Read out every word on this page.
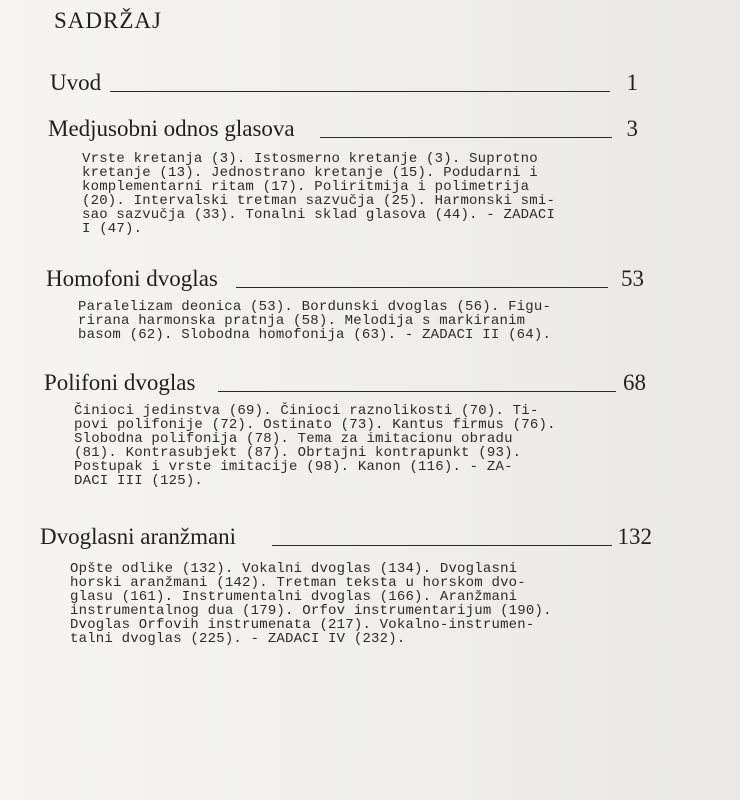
SADRŽAJ
Uvod	1
Medjusobni odnos glasova	3
Vrste kretanja (3). Istosmerno kretanje (3). Suprotno
kretanje (13). Jednostrano kretanje (15). Podudarni i
komplementarni ritam (17). Poliritmija i polimetrija
(20). Intervalski tretman sazvučja (25). Harmonski smi-
sao sazvučja (33). Tonalni sklad glasova (44). - ZADACI
I (47).
Homofoni dvoglas	53
Paralelizam deonica (53). Bordunski dvoglas (56). Figu-
rirana harmonska pratnja (58). Melodija s markiranim
basom (62). Slobodna homofonija (63). - ZADACI II (64).
Polifoni dvoglas	68
Činioci jedinstva (69). Činioci raznolikosti (70). Ti-
povi polifonije (72). Ostinato (73). Kantus firmus (76).
Slobodna polifonija (78). Tema za imitacionu obradu
(81). Kontrasubjekt (87). Obrtajni kontrapunkt (93).
Postupak i vrste imitacije (98). Kanon (116). - ZA-
DACI III (125).
Dvoglasni aranžmani	132
Opšte odlike (132). Vokalni dvoglas (134). Dvoglasni
horski aranžmani (142). Tretman teksta u horskom dvo-
glasu (161). Instrumentalni dvoglas (166). Aranžmani
instrumentalnog dua (179). Orfov instrumentarijum (190).
Dvoglas Orfovih instrumenata (217). Vokalno-instrumen-
talni dvoglas (225). - ZADACI IV (232).
